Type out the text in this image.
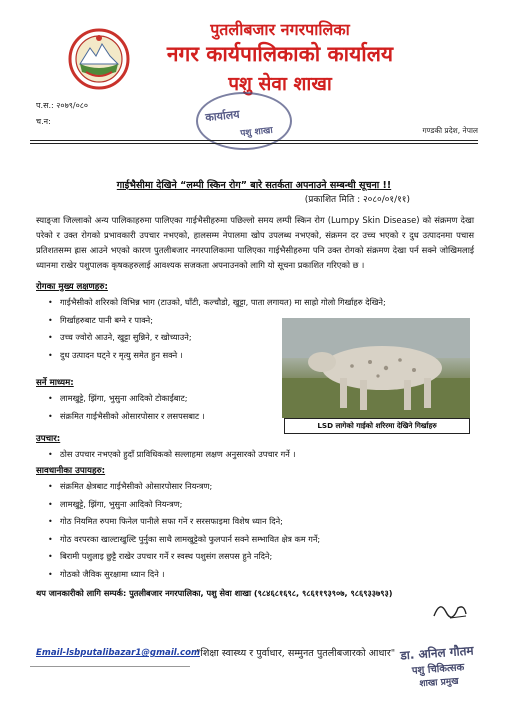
पुतलीबजार नगरपालिका
नगर कार्यपालिकाको कार्यालय
पशु सेवा शाखा
कार्यालय
पशु शाखा
प.स.: २०७९/०८०
च.न:
गण्डकी प्रदेश, नेपाल
गाईभैसीमा देखिने “लम्पी स्किन रोग” बारे सतर्कता अपनाउने सम्बन्धी सूचना !!
(प्रकाशित मिति : २०८०/०१/११)
स्याङ्जा जिल्लाको अन्य पालिकाहरुमा पालिएका गाईभैसीहरुमा पछिल्लो समय लम्पी स्किन रोग (Lumpy Skin Disease) को संक्रमण देखा परेको र उक्त रोगको प्रभावकारी उपचार नभएको, हालसम्म नेपालमा खोप उपलब्ध नभएको, संक्रमन दर उच्च भएको र दुध उत्पादनमा पचास प्रतिशतसम्म ह्रास आउने भएको कारण पुतलीबजार नगरपालिकामा पालिएका गाईभैसीहरुमा पनि उक्त रोगको संक्रमण देखा पर्न सक्ने जोखिमलाई ध्यानमा राखेर पशुपालक कृषकहरुलाई आवश्यक सजकता अपनाउनको लागि यो सूचना प्रकाशित गरिएको छ ।
रोगका मुख्य लक्षणहरु:
• गाईभैसीको शरिरको विभिन्न भाग (टाउको, घाँटी, कल्चौडो, खुट्टा, पाता लगायत) मा साह्रो गोलो गिर्खाहरु देखिने;
• गिर्खाहरुबाट पानी बग्ने र पाक्ने;
• उच्च ज्वोरो आउने, खुट्टा सुन्निने, र खोच्याउने;
• दुध उत्पादन घट्ने र मृत्यु समेत हुन सक्ने ।
सर्ने माध्यम:
• लामखुट्टे, झिंगा, भुसुना आदिको टोकाईबाट;
• संक्रमित गाईभैसीको ओसारपोसार र लसपसबाट ।
LSD लागेको गाईको शरिरमा देखिने गिर्खाहरु
उपचार:
• ठोस उपचार नभएको हुदाँ प्राविधिकको सल्लाहमा लक्षण अनुसारको उपचार गर्ने ।
सावधानीका उपायहरु:
• संक्रमित क्षेत्रबाट गाईभैसीको ओसारपोसार नियन्त्रण;
• लामखुट्टे, झिंगा, भुसुना आदिको नियन्त्रण;
• गोठ नियमित रुपमा फिनेल पानीले सफा गर्ने र सरसफाइमा विशेष ध्यान दिने;
• गोठ वरपरका खाल्टाखुल्टि पुर्नुका साथै लामखुट्टेको फुलपार्न सक्ने सम्भावित क्षेत्र कम गर्ने;
• बिरामी पशुलाइ छुट्टै राखेर उपचार गर्ने र स्वस्थ पशुसंग लसपस हुने नदिने;
• गोठको जैविक सुरक्षामा ध्यान दिने ।
थप जानकारीको लागि सम्पर्क: पुतलीबजार नगरपालिका, पशु सेवा शाखा (९८४६८१६९८, ९८६११९३९०७, ९८६९३३७९३)
Email-lsbputalibazar1@gmail.com
"शिक्षा स्वास्थ्य र पुर्वाधार, सम्मुनत पुतलीबजारको आधार" डा. अनिल गौतम
पशु चिकित्सक
शाखा प्रमुख
